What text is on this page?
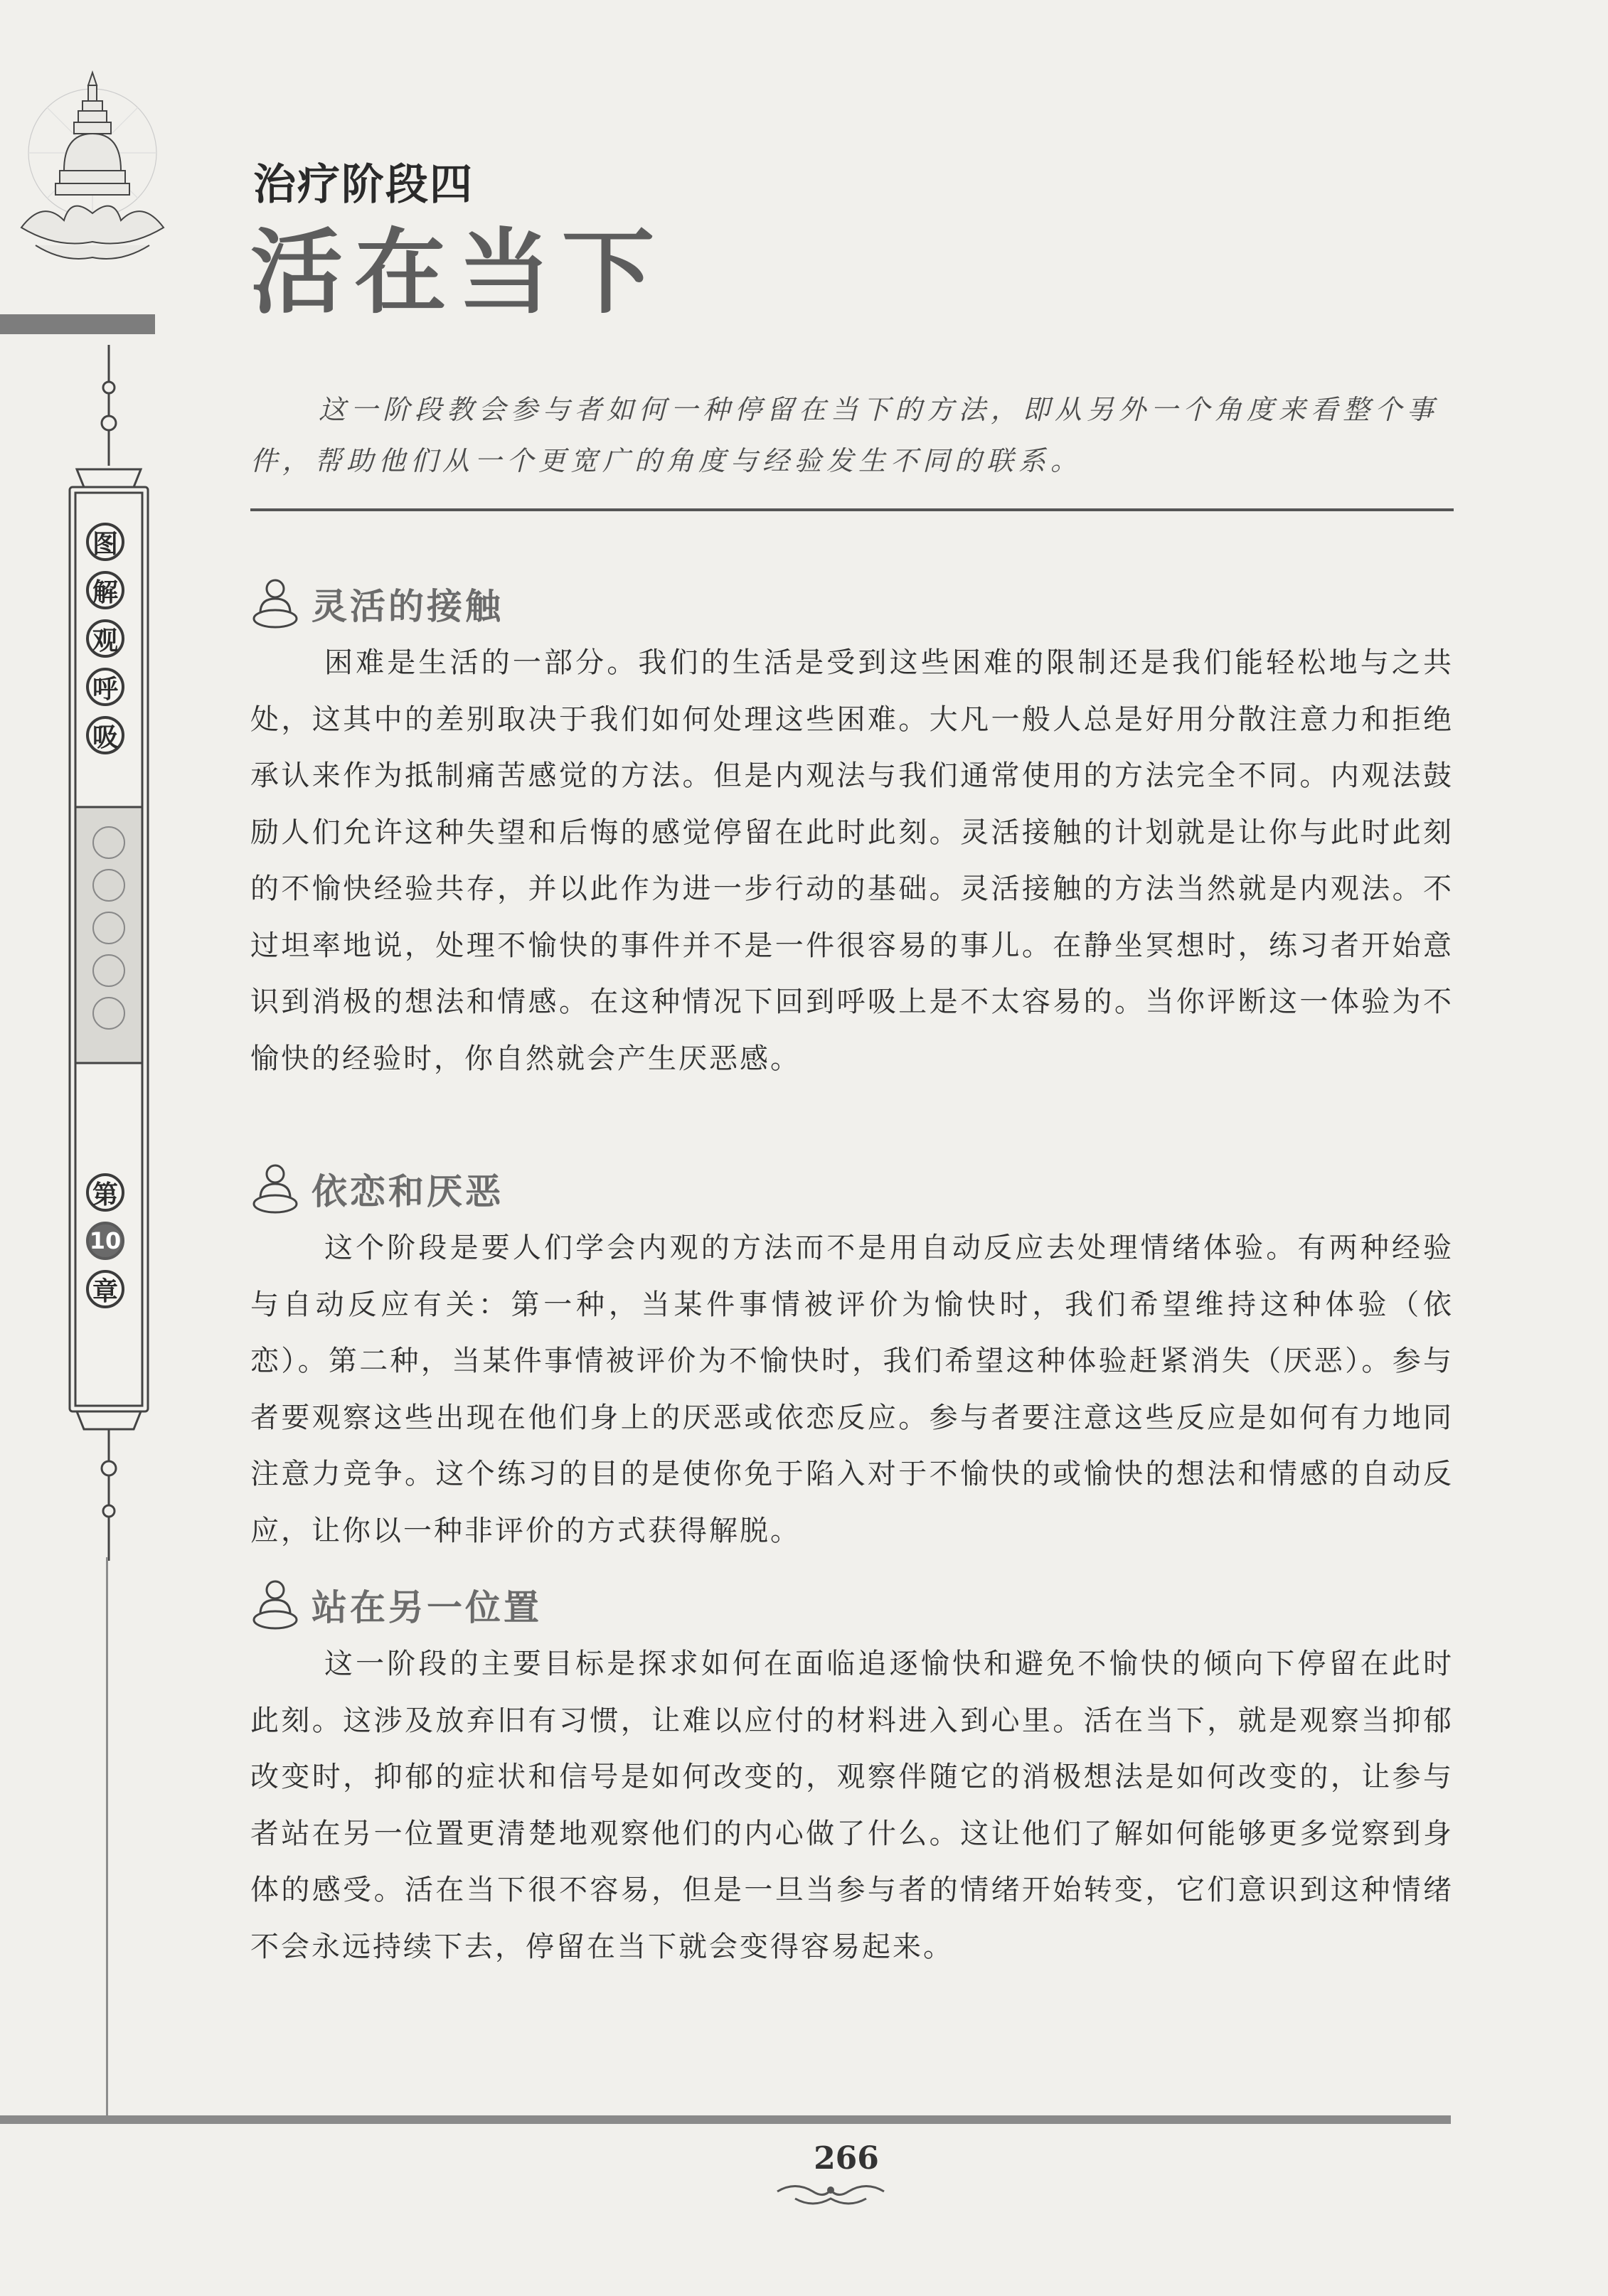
图
解
观
呼
吸
第
10
章
治疗阶段四
活在当下
这一阶段教会参与者如何一种停留在当下的方法，即从另外一个角度来看整个事件，帮助他们从一个更宽广的角度与经验发生不同的联系。
灵活的接触
困难是生活的一部分。我们的生活是受到这些困难的限制还是我们能轻松地与之共处，这其中的差别取决于我们如何处理这些困难。大凡一般人总是好用分散注意力和拒绝承认来作为抵制痛苦感觉的方法。但是内观法与我们通常使用的方法完全不同。内观法鼓励人们允许这种失望和后悔的感觉停留在此时此刻。灵活接触的计划就是让你与此时此刻的不愉快经验共存，并以此作为进一步行动的基础。灵活接触的方法当然就是内观法。不过坦率地说，处理不愉快的事件并不是一件很容易的事儿。在静坐冥想时，练习者开始意识到消极的想法和情感。在这种情况下回到呼吸上是不太容易的。当你评断这一体验为不愉快的经验时，你自然就会产生厌恶感。
依恋和厌恶
这个阶段是要人们学会内观的方法而不是用自动反应去处理情绪体验。有两种经验与自动反应有关：第一种，当某件事情被评价为愉快时，我们希望维持这种体验（依恋）。第二种，当某件事情被评价为不愉快时，我们希望这种体验赶紧消失（厌恶）。参与者要观察这些出现在他们身上的厌恶或依恋反应。参与者要注意这些反应是如何有力地同注意力竞争。这个练习的目的是使你免于陷入对于不愉快的或愉快的想法和情感的自动反应，让你以一种非评价的方式获得解脱。
站在另一位置
这一阶段的主要目标是探求如何在面临追逐愉快和避免不愉快的倾向下停留在此时此刻。这涉及放弃旧有习惯，让难以应付的材料进入到心里。活在当下，就是观察当抑郁改变时，抑郁的症状和信号是如何改变的，观察伴随它的消极想法是如何改变的，让参与者站在另一位置更清楚地观察他们的内心做了什么。这让他们了解如何能够更多觉察到身体的感受。活在当下很不容易，但是一旦当参与者的情绪开始转变，它们意识到这种情绪不会永远持续下去，停留在当下就会变得容易起来。
266
